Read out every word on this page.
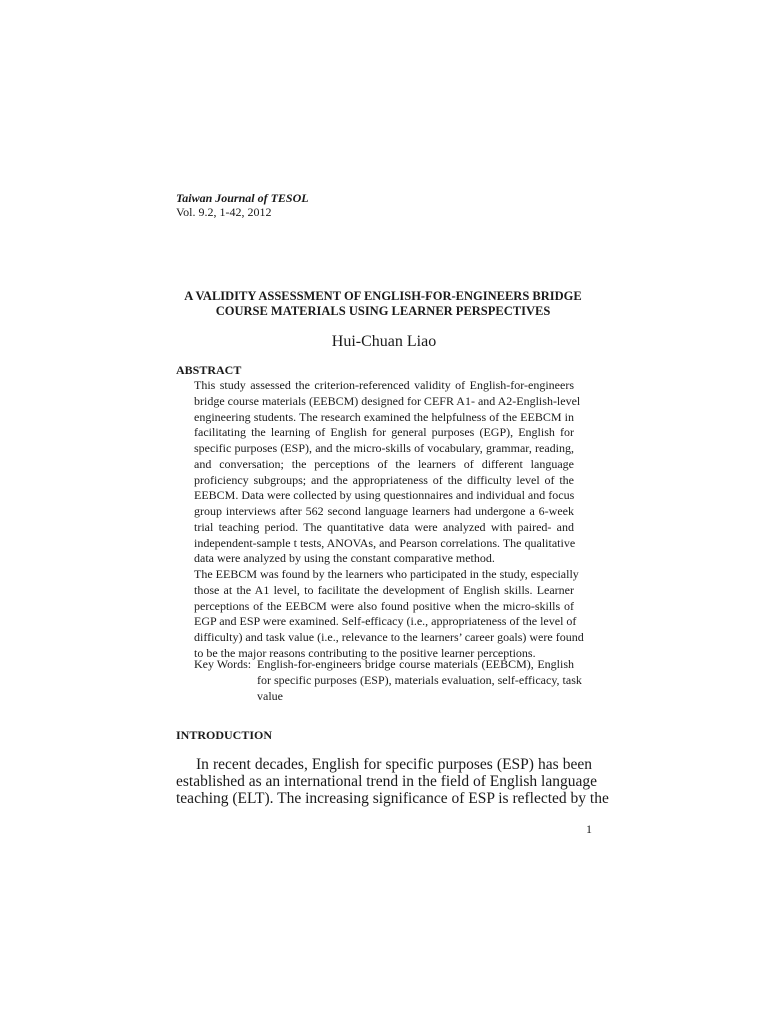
Taiwan Journal of TESOL
Vol. 9.2, 1-42, 2012
A VALIDITY ASSESSMENT OF ENGLISH-FOR-ENGINEERS BRIDGE
COURSE MATERIALS USING LEARNER PERSPECTIVES
Hui-Chuan Liao
ABSTRACT
This study assessed the criterion-referenced validity of English-for-engineers
bridge course materials (EEBCM) designed for CEFR A1- and A2-English-level
engineering students. The research examined the helpfulness of the EEBCM in
facilitating the learning of English for general purposes (EGP), English for
specific purposes (ESP), and the micro-skills of vocabulary, grammar, reading,
and conversation; the perceptions of the learners of different language
proficiency subgroups; and the appropriateness of the difficulty level of the
EEBCM. Data were collected by using questionnaires and individual and focus
group interviews after 562 second language learners had undergone a 6-week
trial teaching period. The quantitative data were analyzed with paired- and
independent-sample t tests, ANOVAs, and Pearson correlations. The qualitative
data were analyzed by using the constant comparative method.
The EEBCM was found by the learners who participated in the study, especially
those at the A1 level, to facilitate the development of English skills. Learner
perceptions of the EEBCM were also found positive when the micro-skills of
EGP and ESP were examined. Self-efficacy (i.e., appropriateness of the level of
difficulty) and task value (i.e., relevance to the learners’ career goals) were found
to be the major reasons contributing to the positive learner perceptions.
Key Words: English-for-engineers bridge course materials (EEBCM), English
for specific purposes (ESP), materials evaluation, self-efficacy, task
value
INTRODUCTION
In recent decades, English for specific purposes (ESP) has been
established as an international trend in the field of English language
teaching (ELT). The increasing significance of ESP is reflected by the
1
